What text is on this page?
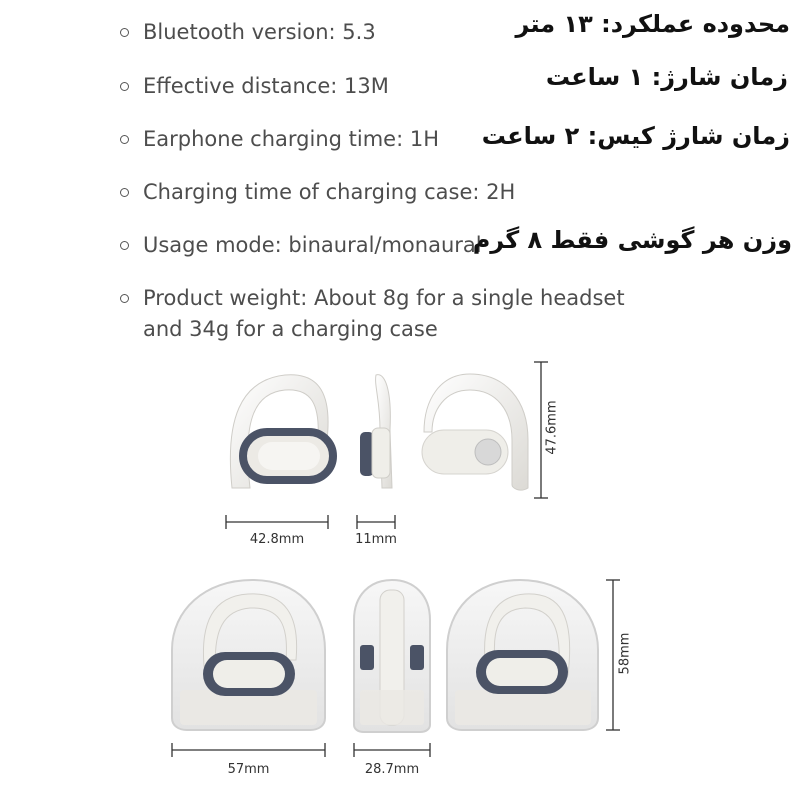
Bluetooth version: 5.3
Effective distance: 13M
Earphone charging time: 1H
Charging time of charging case: 2H
Usage mode: binaural/monaural
Product weight: About 8g for a single headset
and 34g for a charging case
محدوده عملکرد: ۱۳ متر
زمان شارژ: ۱ ساعت
زمان شارژ کیس: ۲ ساعت
وزن هر گوشی فقط ۸ گرم
42.8mm	11mm
47.6mm
57mm	28.7mm
58mm
